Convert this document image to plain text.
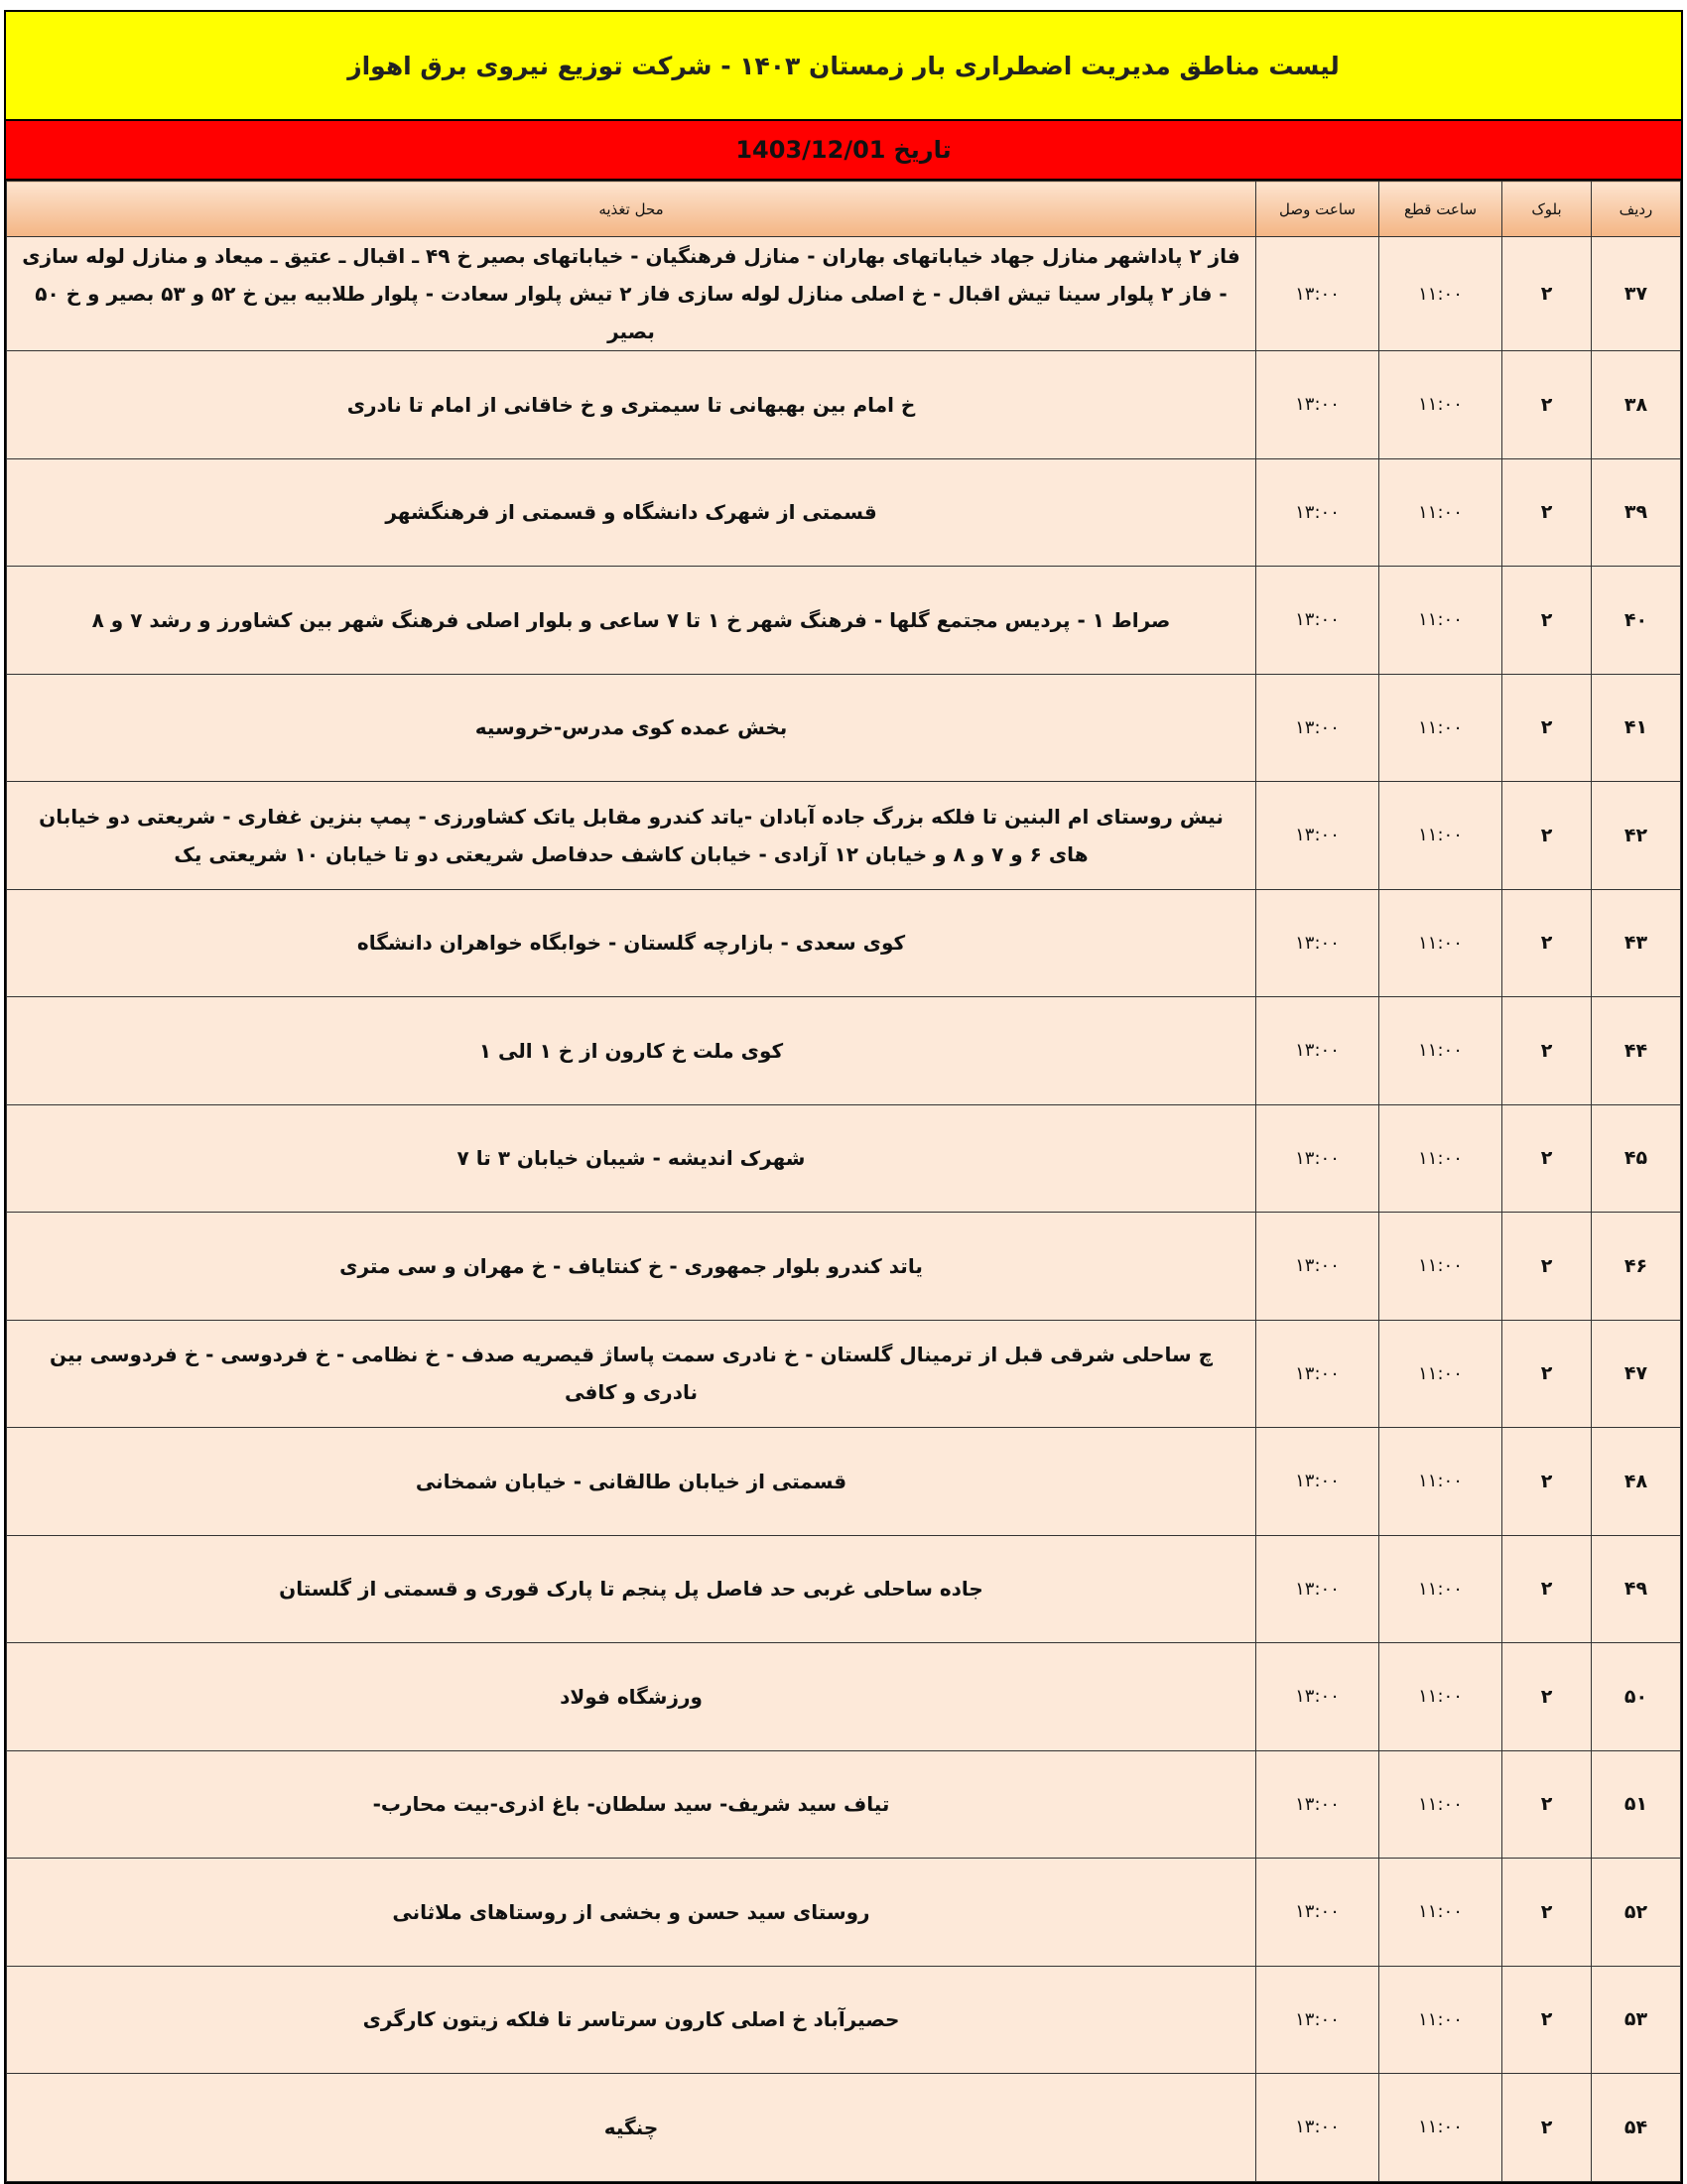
لیست مناطق مدیریت اضطراری بار زمستان ۱۴۰۳ - شرکت توزیع نیروی برق اهواز
تاریخ
1403/12/01
ردیف	بلوک	ساعت قطع	ساعت وصل	محل تغذیه
۳۷	۲	۱۱:۰۰	۱۳:۰۰	فاز ۲ پاداشهر منازل جهاد خیاباتهای بهاران - منازل فرهنگیان - خیاباتهای بصیر خ ۴۹ ـ اقبال ـ عتیق ـ میعاد و منازل لوله سازی - فاز ۲ پلوار سینا تیش اقبال - خ اصلی منازل لوله سازی فاز ۲ تیش پلوار سعادت - پلوار طلابیه بین خ ۵۲ و ۵۳ بصیر و خ ۵۰ بصیر
۳۸	۲	۱۱:۰۰	۱۳:۰۰	خ امام بین بهبهانی تا سیمتری و خ خاقانی از امام تا نادری
۳۹	۲	۱۱:۰۰	۱۳:۰۰	قسمتی از شهرک دانشگاه و قسمتی از فرهنگشهر
۴۰	۲	۱۱:۰۰	۱۳:۰۰	صراط ۱ - پردیس مجتمع گلها - فرهنگ شهر خ ۱ تا ۷ ساعی و بلوار اصلی فرهنگ شهر بین کشاورز و رشد ۷ و ۸
۴۱	۲	۱۱:۰۰	۱۳:۰۰	بخش عمده کوی مدرس-خروسیه
۴۲	۲	۱۱:۰۰	۱۳:۰۰	نیش روستای ام البنین تا فلکه بزرگ جاده آبادان -یاتد کندرو مقابل یاتک کشاورزی - پمپ بنزین غفاری - شریعتی دو خیابان های ۶ و ۷ و ۸ و خیابان ۱۲ آزادی - خیابان کاشف حدفاصل شریعتی دو تا خیابان ۱۰ شریعتی یک
۴۳	۲	۱۱:۰۰	۱۳:۰۰	کوی سعدی - بازارچه گلستان - خوابگاه خواهران دانشگاه
۴۴	۲	۱۱:۰۰	۱۳:۰۰	کوی ملت خ کارون از خ ۱ الی ۱
۴۵	۲	۱۱:۰۰	۱۳:۰۰	شهرک اندیشه - شیبان خیابان ۳ تا ۷
۴۶	۲	۱۱:۰۰	۱۳:۰۰	یاتد کندرو بلوار جمهوری - خ کنتایاف - خ مهران و سی متری
۴۷	۲	۱۱:۰۰	۱۳:۰۰	چ ساحلی شرقی قبل از ترمینال گلستان - خ نادری سمت پاساژ قیصریه صدف - خ نظامی - خ فردوسی - خ فردوسی بین نادری و کافی
۴۸	۲	۱۱:۰۰	۱۳:۰۰	قسمتی از خیابان طالقانی - خیابان شمخانی
۴۹	۲	۱۱:۰۰	۱۳:۰۰	جاده ساحلی غربی حد فاصل پل پنجم تا پارک قوری و قسمتی از گلستان
۵۰	۲	۱۱:۰۰	۱۳:۰۰	ورزشگاه فولاد
۵۱	۲	۱۱:۰۰	۱۳:۰۰	تیاف سید شریف- سید سلطان- باغ اذری-بیت محارب-
۵۲	۲	۱۱:۰۰	۱۳:۰۰	روستای سید حسن و بخشی از روستاهای ملاثانی
۵۳	۲	۱۱:۰۰	۱۳:۰۰	حصیرآباد خ اصلی کارون سرتاسر تا فلکه زیتون کارگری
۵۴	۲	۱۱:۰۰	۱۳:۰۰	چنگیه
